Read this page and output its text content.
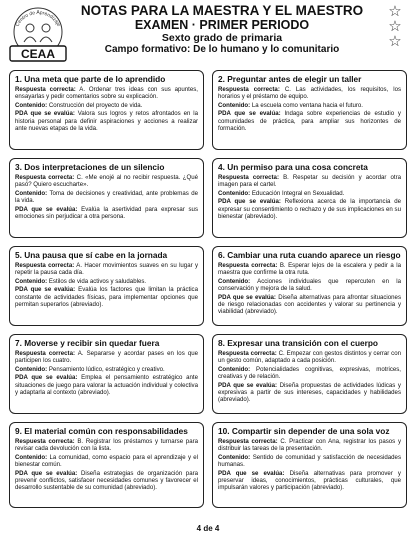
Centro de Aprendizaje
CEAA
NOTAS PARA LA MAESTRA Y EL MAESTRO
EXAMEN · PRIMER PERIODO
Sexto grado de primaria
Campo formativo: De lo humano y lo comunitario
☆
☆
☆
1. Una meta que parte de lo aprendido

Respuesta correcta: A. Ordenar tres ideas con sus apuntes, ensayarlas y pedir comentarios sobre su explicación.

Contenido: Construcción del proyecto de vida.

PDA que se evalúa: Valora sus logros y retos afrontados en la historia personal para definir aspiraciones y acciones a realizar ante nuevas etapas de la vida.

2. Preguntar antes de elegir un taller

Respuesta correcta: C. Las actividades, los requisitos, los horarios y el préstamo de equipo.

Contenido: La escuela como ventana hacia el futuro.

PDA que se evalúa: Indaga sobre experiencias de estudio y comunidades de práctica, para ampliar sus horizontes de formación.

3. Dos interpretaciones de un silencio

Respuesta correcta: C. «Me enojé al no recibir respuesta. ¿Qué pasó? Quiero escucharte».

Contenido: Toma de decisiones y creatividad, ante problemas de la vida.

PDA que se evalúa: Evalúa la asertividad para expresar sus emociones sin perjudicar a otra persona.

4. Un permiso para una cosa concreta

Respuesta correcta: B. Respetar su decisión y acordar otra imagen para el cartel.

Contenido: Educación Integral en Sexualidad.

PDA que se evalúa: Reflexiona acerca de la importancia de expresar su consentimiento o rechazo y de sus implicaciones en su bienestar (abreviado).

5. Una pausa que sí cabe en la jornada

Respuesta correcta: A. Hacer movimientos suaves en su lugar y repetir la pausa cada día.

Contenido: Estilos de vida activos y saludables.

PDA que se evalúa: Evalúa los factores que limitan la práctica constante de actividades físicas, para implementar opciones que permitan superarlos (abreviado).

6. Cambiar una ruta cuando aparece un riesgo

Respuesta correcta: B. Esperar lejos de la escalera y pedir a la maestra que confirme la otra ruta.

Contenido: Acciones individuales que repercuten en la conservación y mejora de la salud.

PDA que se evalúa: Diseña alternativas para afrontar situaciones de riesgo relacionadas con accidentes y valorar su pertinencia y viabilidad (abreviado).

7. Moverse y recibir sin quedar fuera

Respuesta correcta: A. Separarse y acordar pases en los que participen los cuatro.

Contenido: Pensamiento lúdico, estratégico y creativo.

PDA que se evalúa: Emplea el pensamiento estratégico ante situaciones de juego para valorar la actuación individual y colectiva y adaptarla al contexto (abreviado).

8. Expresar una transición con el cuerpo

Respuesta correcta: C. Empezar con gestos distintos y cerrar con un gesto común, adaptado a cada posición.

Contenido: Potencialidades cognitivas, expresivas, motrices, creativas y de relación.

PDA que se evalúa: Diseña propuestas de actividades lúdicas y expresivas a partir de sus intereses, capacidades y habilidades (abreviado).

9. El material común con responsabilidades

Respuesta correcta: B. Registrar los préstamos y turnarse para revisar cada devolución con la lista.

Contenido: La comunidad, como espacio para el aprendizaje y el bienestar común.

PDA que se evalúa: Diseña estrategias de organización para prevenir conflictos, satisfacer necesidades comunes y favorecer el desarrollo sustentable de su comunidad (abreviado).

10. Compartir sin depender de una sola voz

Respuesta correcta: C. Practicar con Ana, registrar los pasos y distribuir las tareas de la presentación.

Contenido: Sentido de comunidad y satisfacción de necesidades humanas.

PDA que se evalúa: Diseña alternativas para promover y preservar ideas, conocimientos, prácticas culturales, que impulsarán valores y participación (abreviado).

4 de 4
